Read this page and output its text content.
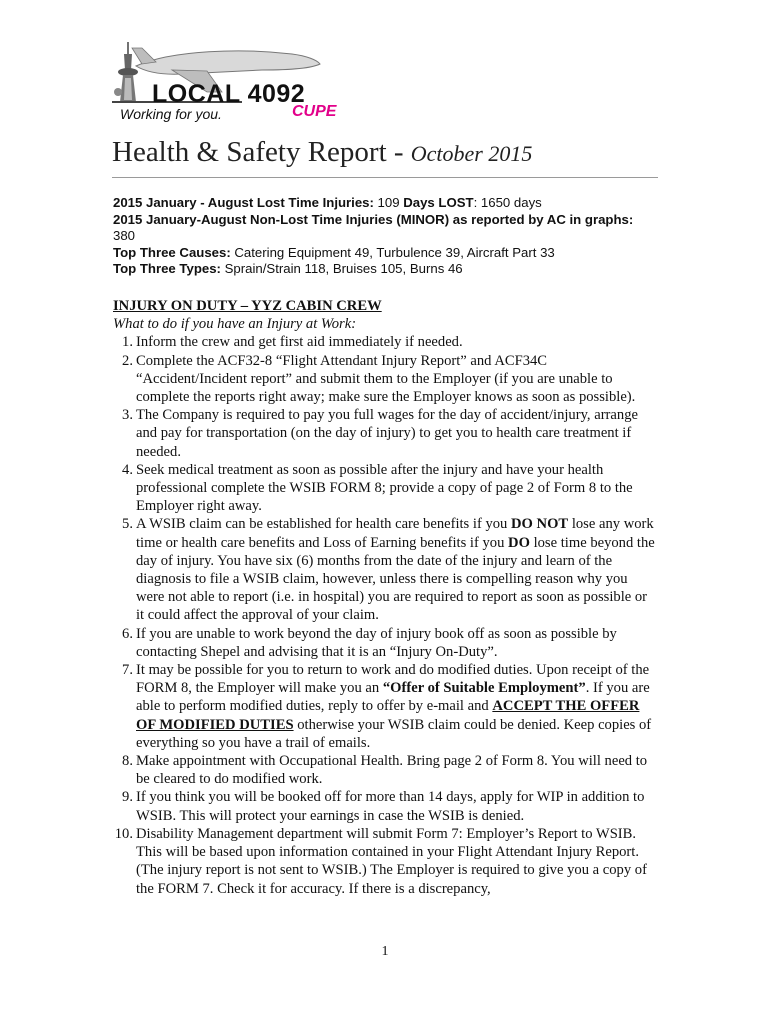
LOCAL 4092
Working for you.	CUPE
Health & Safety Report - October 2015
2015 January - August Lost Time Injuries: 109 Days LOST: 1650 days
2015 January-August Non-Lost Time Injuries (MINOR) as reported by AC in graphs: 380
Top Three Causes: Catering Equipment 49, Turbulence 39, Aircraft Part 33
Top Three Types: Sprain/Strain 118, Bruises 105, Burns 46
INJURY ON DUTY – YYZ CABIN CREW
What to do if you have an Injury at Work:
1. Inform the crew and get first aid immediately if needed.
2. Complete the ACF32-8 “Flight Attendant Injury Report” and ACF34C “Accident/Incident report” and submit them to the Employer (if you are unable to complete the reports right away; make sure the Employer knows as soon as possible).
3. The Company is required to pay you full wages for the day of accident/injury, arrange and pay for transportation (on the day of injury) to get you to health care treatment if needed.
4. Seek medical treatment as soon as possible after the injury and have your health professional complete the WSIB FORM 8; provide a copy of page 2 of Form 8 to the Employer right away.
5. A WSIB claim can be established for health care benefits if you DO NOT lose any work time or health care benefits and Loss of Earning benefits if you DO lose time beyond the day of injury. You have six (6) months from the date of the injury and learn of the diagnosis to file a WSIB claim, however, unless there is compelling reason why you were not able to report (i.e. in hospital) you are required to report as soon as possible or it could affect the approval of your claim.
6. If you are unable to work beyond the day of injury book off as soon as possible by contacting Shepel and advising that it is an “Injury On-Duty”.
7. It may be possible for you to return to work and do modified duties. Upon receipt of the FORM 8, the Employer will make you an “Offer of Suitable Employment”. If you are able to perform modified duties, reply to offer by e-mail and ACCEPT THE OFFER OF MODIFIED DUTIES otherwise your WSIB claim could be denied. Keep copies of everything so you have a trail of emails.
8. Make appointment with Occupational Health. Bring page 2 of Form 8. You will need to be cleared to do modified work.
9. If you think you will be booked off for more than 14 days, apply for WIP in addition to WSIB. This will protect your earnings in case the WSIB is denied.
10. Disability Management department will submit Form 7: Employer’s Report to WSIB. This will be based upon information contained in your Flight Attendant Injury Report. (The injury report is not sent to WSIB.) The Employer is required to give you a copy of the FORM 7. Check it for accuracy. If there is a discrepancy,
1
